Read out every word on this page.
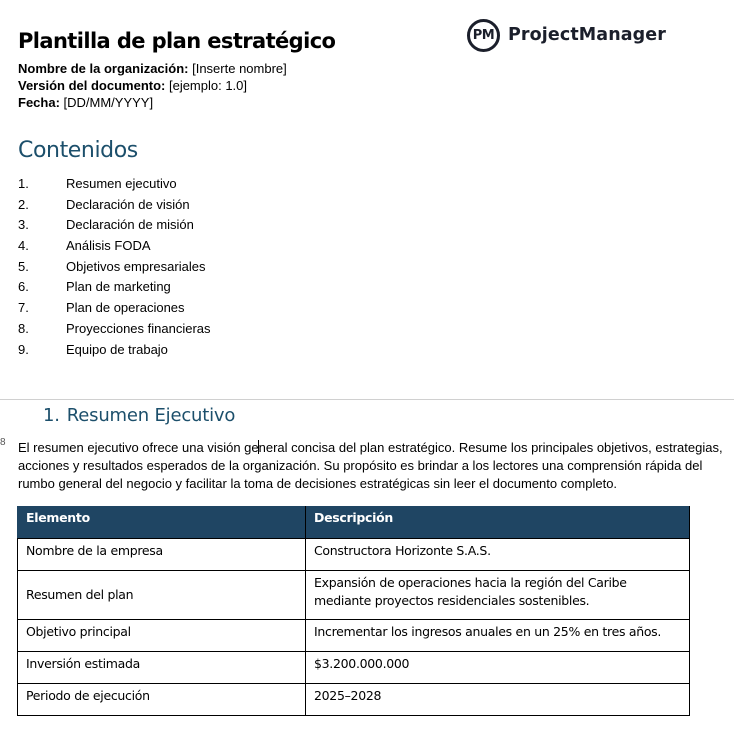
Plantilla de plan estratégico
Nombre de la organización: [Inserte nombre]
Versión del documento: [ejemplo: 1.0]
Fecha: [DD/MM/YYYY]
PM ProjectManager
Contenidos
1.	Resumen ejecutivo
2.	Declaración de visión
3.	Declaración de misión
4.	Análisis FODA
5.	Objetivos empresariales
6.	Plan de marketing
7.	Plan de operaciones
8.	Proyecciones financieras
9.	Equipo de trabajo
1. Resumen Ejecutivo
8 El resumen ejecutivo ofrece una visión general concisa del plan estratégico. Resume los principales objetivos, estrategias, acciones y resultados esperados de la organización. Su propósito es brindar a los lectores una comprensión rápida del rumbo general del negocio y facilitar la toma de decisiones estratégicas sin leer el documento completo.

Elemento	Descripción
Nombre de la empresa	Constructora Horizonte S.A.S.
Resumen del plan	Expansión de operaciones hacia la región del Caribe mediante proyectos residenciales sostenibles.
Objetivo principal	Incrementar los ingresos anuales en un 25% en tres años.
Inversión estimada	$3.200.000.000
Periodo de ejecución	2025–2028
